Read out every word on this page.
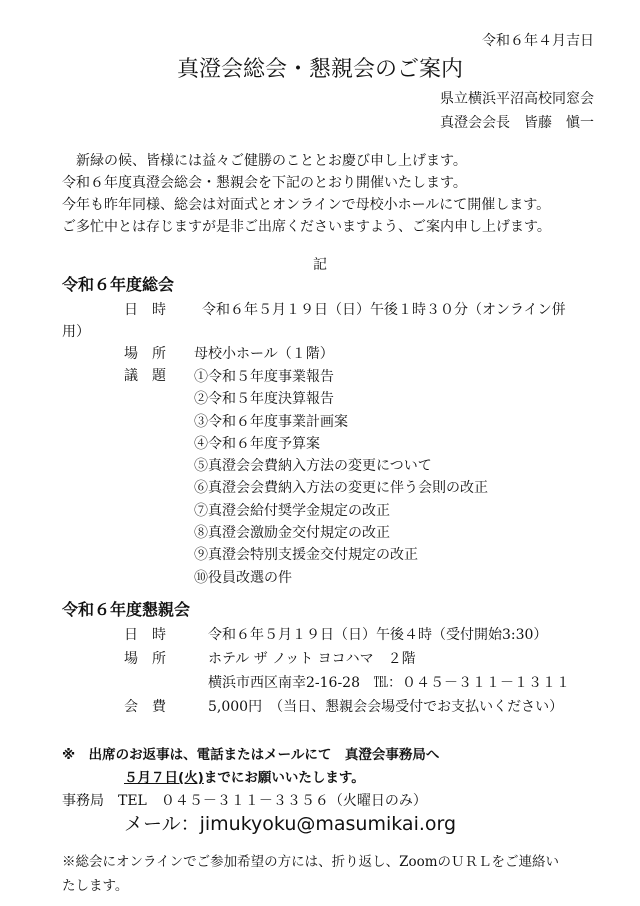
令和６年４月吉日
真澄会総会・懇親会のご案内
県立横浜平沼高校同窓会
真澄会会長　皆藤　愼一
新緑の候、皆様には益々ご健勝のこととお慶び申し上げます。
令和６年度真澄会総会・懇親会を下記のとおり開催いたします。
今年も昨年同様、総会は対面式とオンラインで母校小ホールにて開催します。
ご多忙中とは存じますが是非ご出席くださいますよう、ご案内申し上げます。
記
令和６年度総会
日　時	令和６年５月１９日（日）午後１時３０分（オンライン併
用）
場　所 母校小ホール（１階）
議　題 ①令和５年度事業報告
②令和５年度決算報告
③令和６年度事業計画案
④令和６年度予算案
⑤真澄会会費納入方法の変更について
⑥真澄会会費納入方法の変更に伴う会則の改正
⑦真澄会給付奨学金規定の改正
⑧真澄会激励金交付規定の改正
⑨真澄会特別支援金交付規定の改正
⑩役員改選の件
令和６年度懇親会
日　時	令和６年５月１９日（日）午後４時（受付開始3:30）
場　所	ホテル ザ ノット ヨコハマ　２階
横浜市西区南幸2-16-28　℡：０４５－３１１－１３１１
会　費	5,000円　（当日、懇親会会場受付でお支払いください）
※　出席のお返事は、電話またはメールにて　真澄会事務局へ
５月７日(火)までにお願いいたします。
事務局　TEL　０４５－３１１－３３５６（火曜日のみ）
メール：jimukyoku@masumikai.org
※総会にオンラインでご参加希望の方には、折り返し、ZoomのＵＲＬをご連絡い
たします。
